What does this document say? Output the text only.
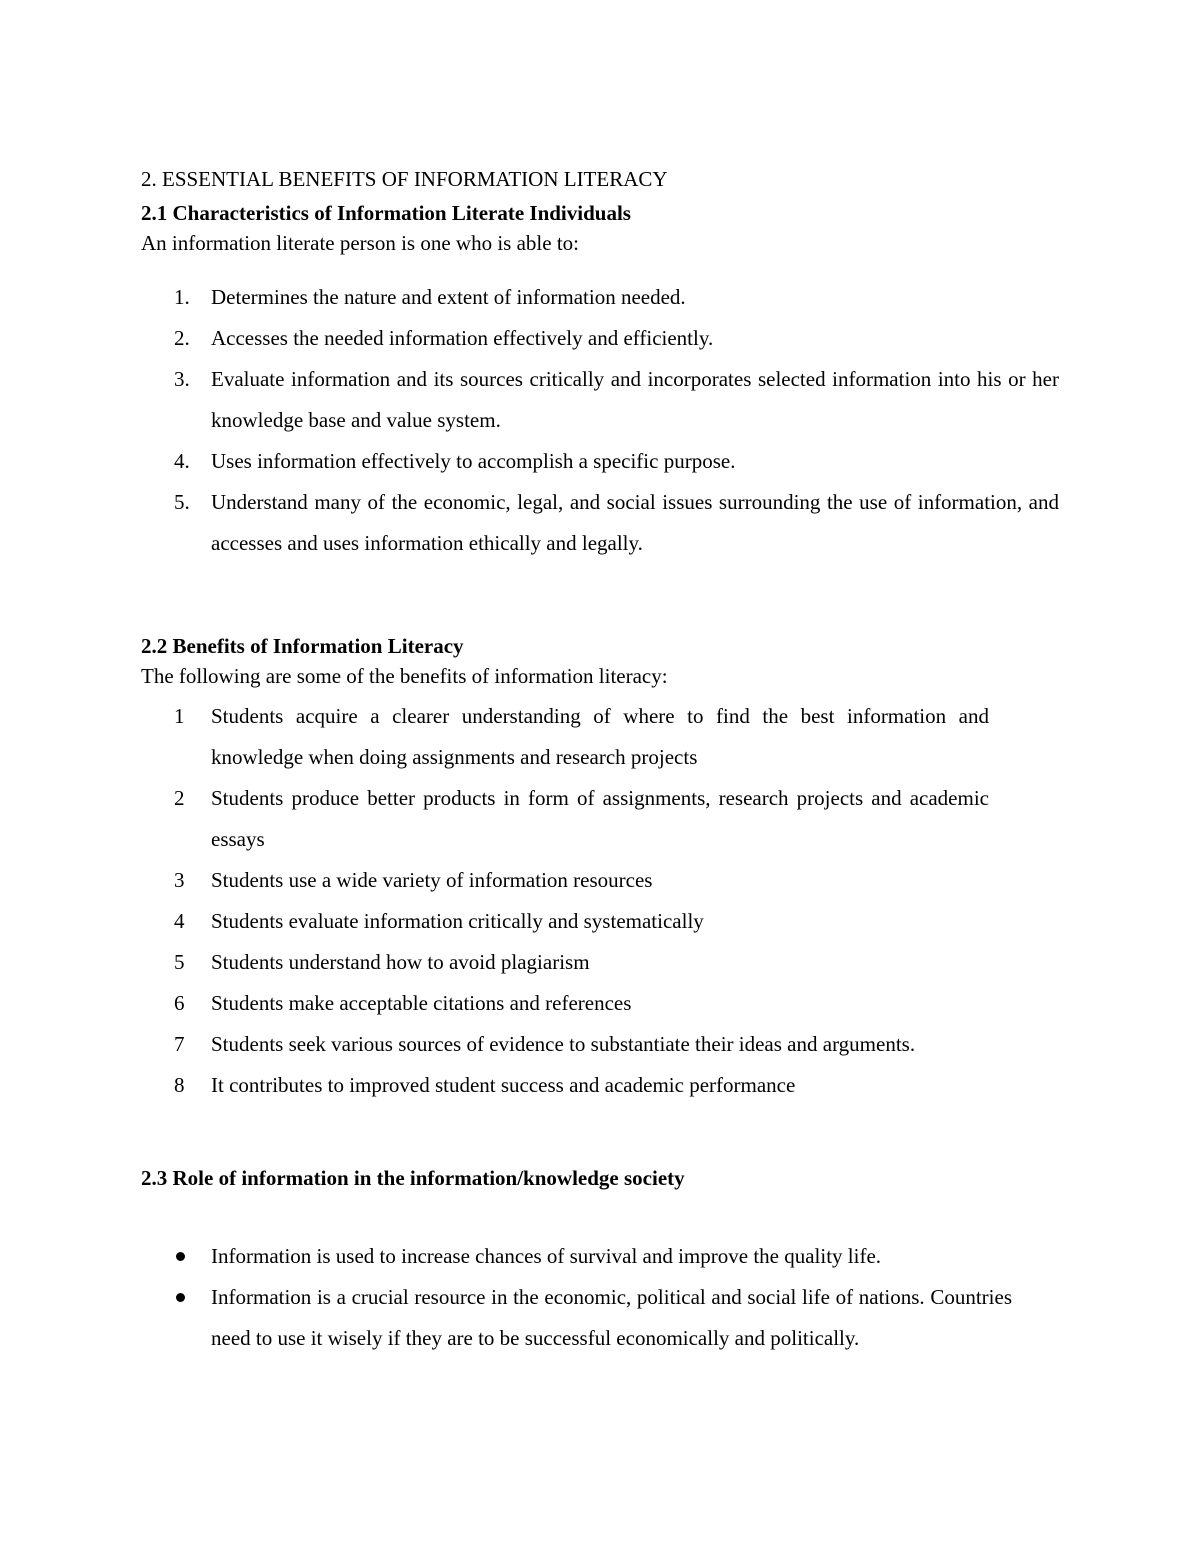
2. ESSENTIAL BENEFITS OF INFORMATION LITERACY
2.1 Characteristics of Information Literate Individuals
An information literate person is one who is able to:
1.	Determines the nature and extent of information needed.
2.	Accesses the needed information effectively and efficiently.
3.	Evaluate information and its sources critically and incorporates selected information into his or her knowledge base and value system.
4.	Uses information effectively to accomplish a specific purpose.
5.	Understand many of the economic, legal, and social issues surrounding the use of information, and accesses and uses information ethically and legally.
2.2 Benefits of Information Literacy
The following are some of the benefits of information literacy:
1	Students acquire a clearer understanding of where to find the best information and knowledge when doing assignments and research projects
2	Students produce better products in form of assignments, research projects and academic essays
3	Students use a wide variety of information resources
4	Students evaluate information critically and systematically
5	Students understand how to avoid plagiarism
6	Students make acceptable citations and references
7	Students seek various sources of evidence to substantiate their ideas and arguments.
8	It contributes to improved student success and academic performance
2.3 Role of information in the information/knowledge society
Information is used to increase chances of survival and improve the quality life.
Information is a crucial resource in the economic, political and social life of nations. Countries need to use it wisely if they are to be successful economically and politically.
